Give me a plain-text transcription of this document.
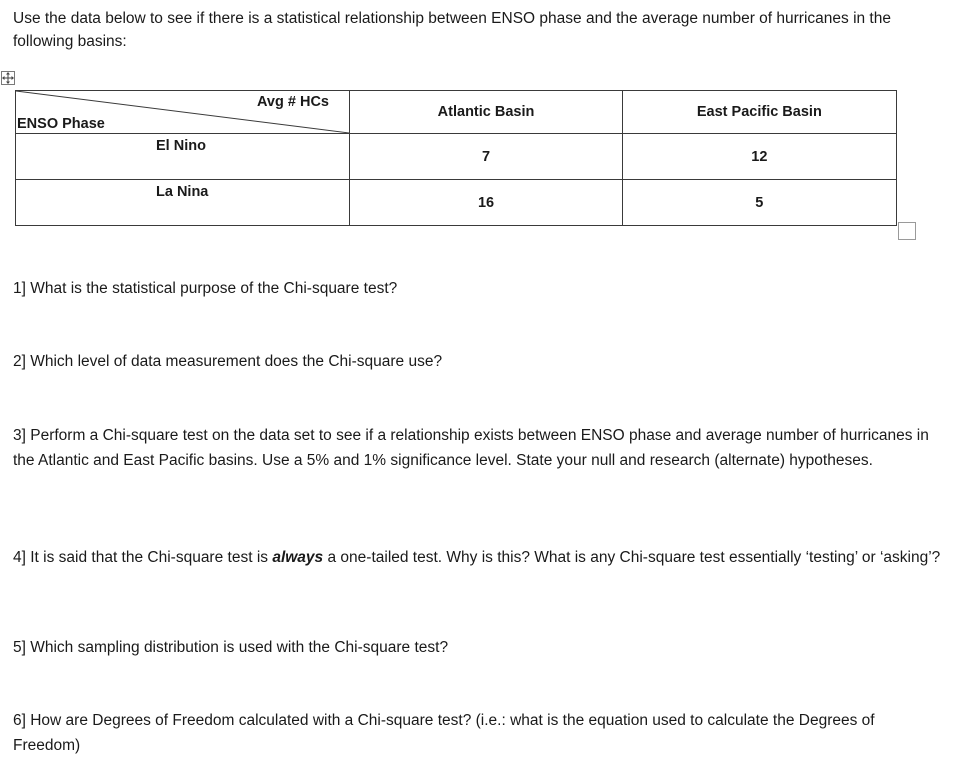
Use the data below to see if there is a statistical relationship between ENSO phase and the average number of hurricanes in the following basins:

Avg # HCs
ENSO Phase	Atlantic Basin	East Pacific Basin

El Nino	7	12

La Nina	16	5

1] What is the statistical purpose of the Chi-square test?

2] Which level of data measurement does the Chi-square use?

3] Perform a Chi-square test on the data set to see if a relationship exists between ENSO phase and average number of hurricanes in the Atlantic and East Pacific basins. Use a 5% and 1% significance level. State your null and research (alternate) hypotheses.

4] It is said that the Chi-square test is always a one-tailed test. Why is this? What is any Chi-square test essentially ‘testing’ or ‘asking’?

5] Which sampling distribution is used with the Chi-square test?

6] How are Degrees of Freedom calculated with a Chi-square test? (i.e.: what is the equation used to calculate the Degrees of Freedom)
